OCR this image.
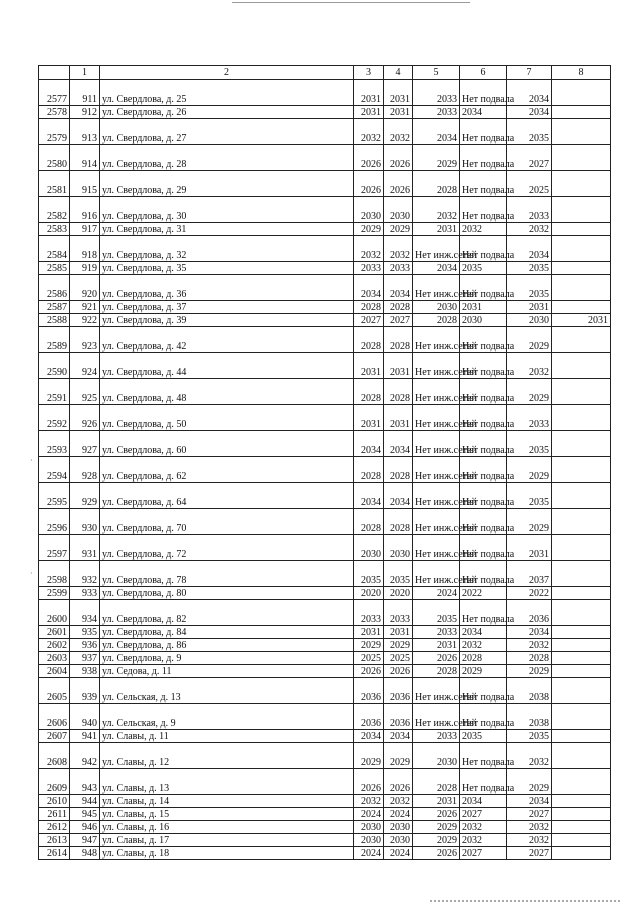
·
·
	1	2	3	4	5	6	7	8
2577	911	ул. Свердлова, д. 25	2031	2031	2033	Нет подвала	2034	
2578	912	ул. Свердлова, д. 26	2031	2031	2033	2034	2034	
2579	913	ул. Свердлова, д. 27	2032	2032	2034	Нет подвала	2035	
2580	914	ул. Свердлова, д. 28	2026	2026	2029	Нет подвала	2027	
2581	915	ул. Свердлова, д. 29	2026	2026	2028	Нет подвала	2025	
2582	916	ул. Свердлова, д. 30	2030	2030	2032	Нет подвала	2033	
2583	917	ул. Свердлова, д. 31	2029	2029	2031	2032	2032	
2584	918	ул. Свердлова, д. 32	2032	2032	Нет инж.сетей	Нет подвала	2034	
2585	919	ул. Свердлова, д. 35	2033	2033	2034	2035	2035	
2586	920	ул. Свердлова, д. 36	2034	2034	Нет инж.сетей	Нет подвала	2035	
2587	921	ул. Свердлова, д. 37	2028	2028	2030	2031	2031	
2588	922	ул. Свердлова, д. 39	2027	2027	2028	2030	2030	2031
2589	923	ул. Свердлова, д. 42	2028	2028	Нет инж.сетей	Нет подвала	2029	
2590	924	ул. Свердлова, д. 44	2031	2031	Нет инж.сетей	Нет подвала	2032	
2591	925	ул. Свердлова, д. 48	2028	2028	Нет инж.сетей	Нет подвала	2029	
2592	926	ул. Свердлова, д. 50	2031	2031	Нет инж.сетей	Нет подвала	2033	
2593	927	ул. Свердлова, д. 60	2034	2034	Нет инж.сетей	Нет подвала	2035	
2594	928	ул. Свердлова, д. 62	2028	2028	Нет инж.сетей	Нет подвала	2029	
2595	929	ул. Свердлова, д. 64	2034	2034	Нет инж.сетей	Нет подвала	2035	
2596	930	ул. Свердлова, д. 70	2028	2028	Нет инж.сетей	Нет подвала	2029	
2597	931	ул. Свердлова, д. 72	2030	2030	Нет инж.сетей	Нет подвала	2031	
2598	932	ул. Свердлова, д. 78	2035	2035	Нет инж.сетей	Нет подвала	2037	
2599	933	ул. Свердлова, д. 80	2020	2020	2024	2022	2022	
2600	934	ул. Свердлова, д. 82	2033	2033	2035	Нет подвала	2036	
2601	935	ул. Свердлова, д. 84	2031	2031	2033	2034	2034	
2602	936	ул. Свердлова, д. 86	2029	2029	2031	2032	2032	
2603	937	ул. Свердлова, д. 9	2025	2025	2026	2028	2028	
2604	938	ул. Седова, д. 11	2026	2026	2028	2029	2029	
2605	939	ул. Сельская, д. 13	2036	2036	Нет инж.сетей	Нет подвала	2038	
2606	940	ул. Сельская, д. 9	2036	2036	Нет инж.сетей	Нет подвала	2038	
2607	941	ул. Славы, д. 11	2034	2034	2033	2035	2035	
2608	942	ул. Славы, д. 12	2029	2029	2030	Нет подвала	2032	
2609	943	ул. Славы, д. 13	2026	2026	2028	Нет подвала	2029	
2610	944	ул. Славы, д. 14	2032	2032	2031	2034	2034	
2611	945	ул. Славы, д. 15	2024	2024	2026	2027	2027	
2612	946	ул. Славы, д. 16	2030	2030	2029	2032	2032	
2613	947	ул. Славы, д. 17	2030	2030	2029	2032	2032	
2614	948	ул. Славы, д. 18	2024	2024	2026	2027	2027	
